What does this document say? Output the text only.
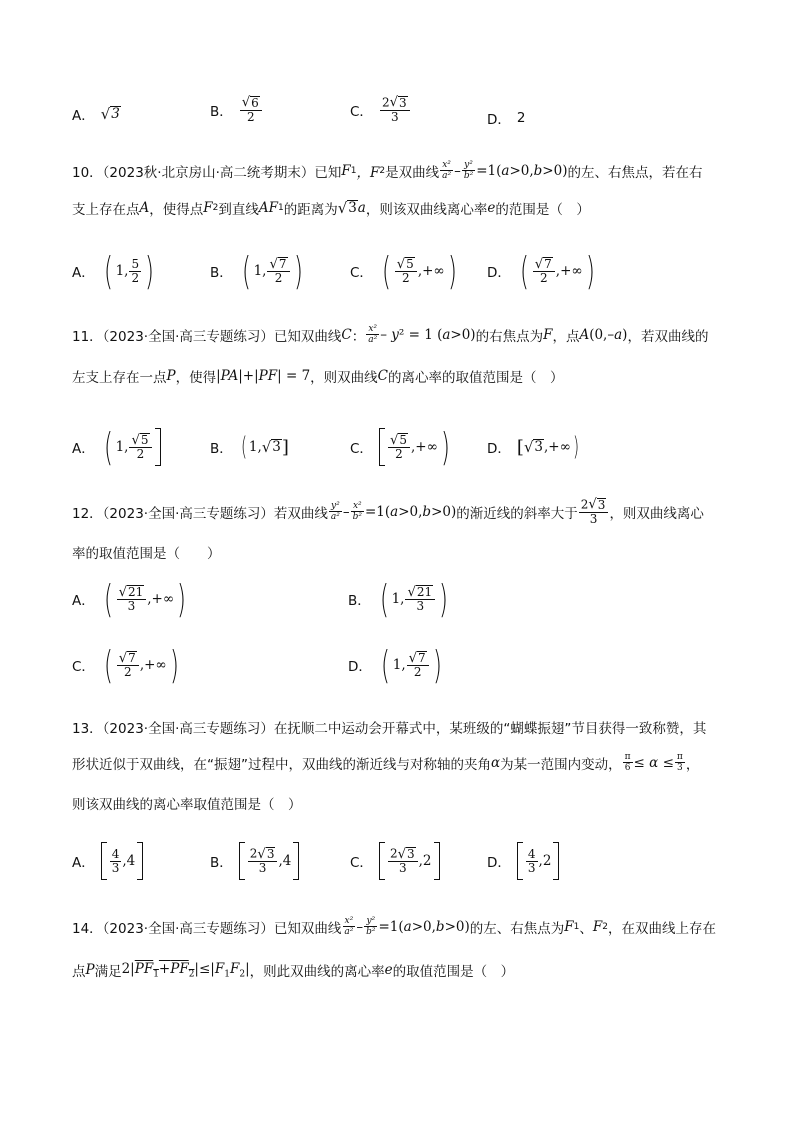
A． √ 3	B． $\frac{√ 6}{2}$	C． $\frac{2 √ 3}{3}$	D． 2
10．（2023秋·北京房山·高二统考期末）已知 F 1 ，F 2 是双曲线 $\frac{\text{x²}}{\text{a²}} - \frac{\text{y²}}{\text{b²}} =1(a>0,b>0)$ 的左、右焦点，若在右
支上存在点 A ，使得点 F 2 到直线 AF 1 的距离为 √ 3 a ，则该双曲线离心率 e 的范围是（　）
A． ( 1, $\frac{5}{2}$ )	B． ( 1, $\frac{√ 7}{2}$ )	C． ( $\frac{√ 5}{2}$ ,+∞ ) D． ( $\frac{√ 7}{2}$ ,+∞ )
11．（2023·全国·高三专题练习）已知双曲线 C ： $\frac{\text{x²}}{\text{a²}} - y^2 = 1$ (a>0) 的右焦点为 F ，点 A(0,–a) ，若双曲线的
左支上存在一点 P ，使得 |PA|+|PF| = 7 ，则双曲线 C 的离心率的取值范围是（　）
A． ( 1, $\frac{√ 5}{2}$	B． ( 1, √ 3 ]	C． $\frac{√ 5}{2}$ ,+∞ )	D． [ √ 3 ,+∞ )
12．（2023·全国·高三专题练习）若双曲线 $\frac{\text{y²}}{\text{a²}} - \frac{\text{x²}}{\text{b²}} =1(a>0,b>0)$ 的渐近线的斜率大于 $\frac{2 √ 3}{3}$ ，则双曲线离心
率的取值范围是（　　）
A． ( $\frac{√ 21}{3}$ ,+∞ )	B． ( 1, $\frac{√ 21}{3}$ )
C． ( $\frac{√ 7}{2}$ ,+∞ )	D． ( 1, $\frac{√ 7}{2}$ )
13．（2023·全国·高三专题练习）在抚顺二中运动会开幕式中，某班级的“蝴蝶振翅”节目获得一致称赞，其
形状近似于双曲线，在“振翅”过程中，双曲线的渐近线与对称轴的夹角 α 为某一范围内变动， $\frac{\pi}{6} \le \alpha \le \frac{\pi}{3}$ ，
则该双曲线的离心率取值范围是（　）
A． $\frac{4}{3} ,4$	B． $\frac{2 √ 3}{3} ,4$	C． $\frac{2 √ 3}{3} ,2$	D． $\frac{4}{3} ,2$
14．（2023·全国·高三专题练习）已知双曲线 $\frac{\text{x²}}{\text{a²}} - \frac{\text{y²}}{\text{b²}} =1(a>0,b>0)$ 的左、右焦点为 F 1 、 F 2 ，在双曲线上存在
点 P 满足 $2|PF_1+PF_2|\le|F_1F_2|$ ，则此双曲线的离心率 e 的取值范围是（　）
